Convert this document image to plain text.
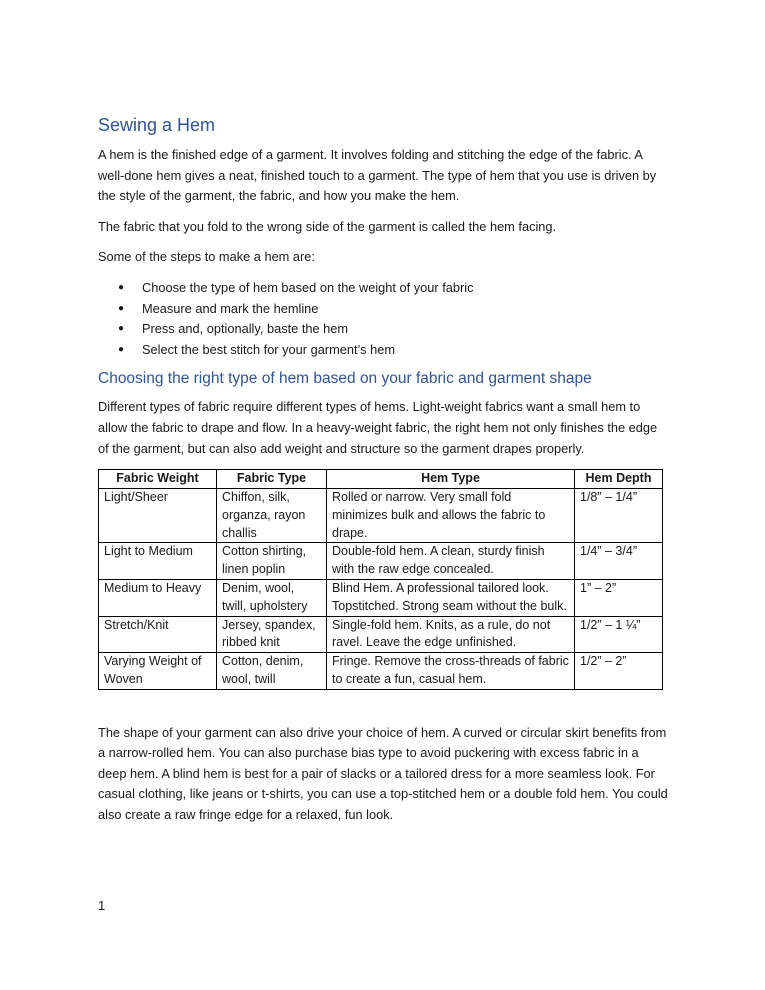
Sewing a Hem

A hem is the finished edge of a garment. It involves folding and stitching the edge of the fabric. A well-done hem gives a neat, finished touch to a garment. The type of hem that you use is driven by the style of the garment, the fabric, and how you make the hem.

The fabric that you fold to the wrong side of the garment is called the hem facing.

Some of the steps to make a hem are:

● Choose the type of hem based on the weight of your fabric
● Measure and mark the hemline
● Press and, optionally, baste the hem
● Select the best stitch for your garment’s hem
Choosing the right type of hem based on your fabric and garment shape

Different types of fabric require different types of hems. Light-weight fabrics want a small hem to allow the fabric to drape and flow. In a heavy-weight fabric, the right hem not only finishes the edge of the garment, but can also add weight and structure so the garment drapes properly.

Fabric Weight	Fabric Type	Hem Type	Hem Depth
Light/Sheer	Chiffon, silk, organza, rayon challis	Rolled or narrow. Very small fold minimizes bulk and allows the fabric to drape.	1/8” – 1/4”
Light to Medium	Cotton shirting, linen poplin	Double-fold hem. A clean, sturdy finish with the raw edge concealed.	1/4” – 3/4”
Medium to Heavy	Denim, wool, twill, upholstery	Blind Hem. A professional tailored look. Topstitched. Strong seam without the bulk.	1” – 2”
Stretch/Knit	Jersey, spandex, ribbed knit	Single-fold hem. Knits, as a rule, do not ravel. Leave the edge unfinished.	1/2” – 1 ¼”
Varying Weight of Woven	Cotton, denim, wool, twill	Fringe. Remove the cross-threads of fabric to create a fun, casual hem.	1/2” – 2”

The shape of your garment can also drive your choice of hem. A curved or circular skirt benefits from a narrow-rolled hem. You can also purchase bias type to avoid puckering with excess fabric in a deep hem. A blind hem is best for a pair of slacks or a tailored dress for a more seamless look. For casual clothing, like jeans or t-shirts, you can use a top-stitched hem or a double fold hem. You could also create a raw fringe edge for a relaxed, fun look.

1
